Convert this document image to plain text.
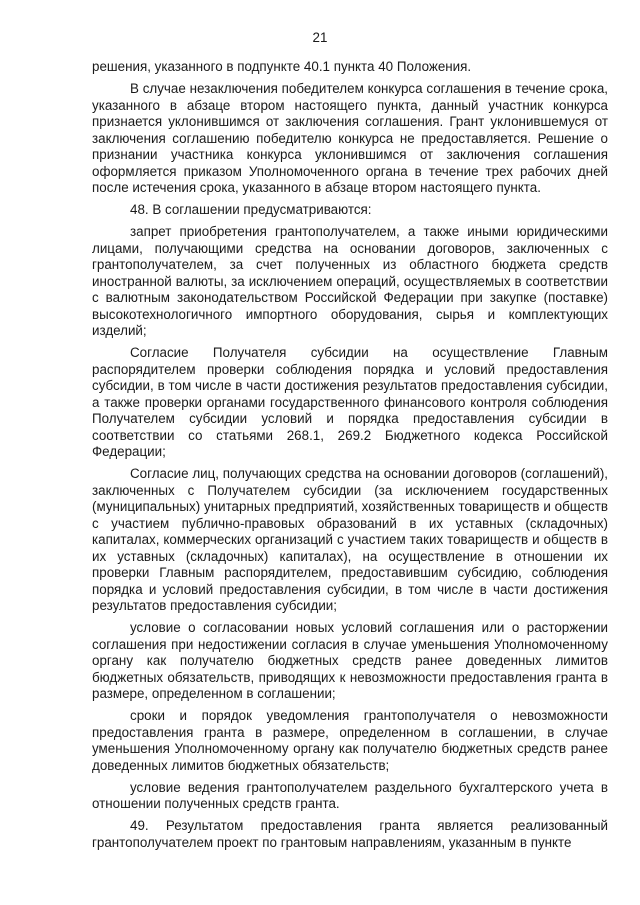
21

решения, указанного в подпункте 40.1 пункта 40 Положения.

В случае незаключения победителем конкурса соглашения в течение срока, указанного в абзаце втором настоящего пункта, данный участник конкурса признается уклонившимся от заключения соглашения. Грант уклонившемуся от заключения соглашению победителю конкурса не предоставляется. Решение о признании участника конкурса уклонившимся от заключения соглашения оформляется приказом Уполномоченного органа в течение трех рабочих дней после истечения срока, указанного в абзаце втором настоящего пункта.

48. В соглашении предусматриваются:

запрет приобретения грантополучателем, а также иными юридическими лицами, получающими средства на основании договоров, заключенных с грантополучателем, за счет полученных из областного бюджета средств иностранной валюты, за исключением операций, осуществляемых в соответствии с валютным законодательством Российской Федерации при закупке (поставке) высокотехнологичного импортного оборудования, сырья и комплектующих изделий;

Согласие Получателя субсидии на осуществление Главным распорядителем проверки соблюдения порядка и условий предоставления субсидии, в том числе в части достижения результатов предоставления субсидии, а также проверки органами государственного финансового контроля соблюдения Получателем субсидии условий и порядка предоставления субсидии в соответствии со статьями 268.1, 269.2 Бюджетного кодекса Российской Федерации;

Согласие лиц, получающих средства на основании договоров (соглашений), заключенных с Получателем субсидии (за исключением государственных (муниципальных) унитарных предприятий, хозяйственных товариществ и обществ с участием публично-правовых образований в их уставных (складочных) капиталах, коммерческих организаций с участием таких товариществ и обществ в их уставных (складочных) капиталах), на осуществление в отношении их проверки Главным распорядителем, предоставившим субсидию, соблюдения порядка и условий предоставления субсидии, в том числе в части достижения результатов предоставления субсидии;

условие о согласовании новых условий соглашения или о расторжении соглашения при недостижении согласия в случае уменьшения Уполномоченному органу как получателю бюджетных средств ранее доведенных лимитов бюджетных обязательств, приводящих к невозможности предоставления гранта в размере, определенном в соглашении;

сроки и порядок уведомления грантополучателя о невозможности предоставления гранта в размере, определенном в соглашении, в случае уменьшения Уполномоченному органу как получателю бюджетных средств ранее доведенных лимитов бюджетных обязательств;

условие ведения грантополучателем раздельного бухгалтерского учета в отношении полученных средств гранта.

49. Результатом предоставления гранта является реализованный грантополучателем проект по грантовым направлениям, указанным в пункте
